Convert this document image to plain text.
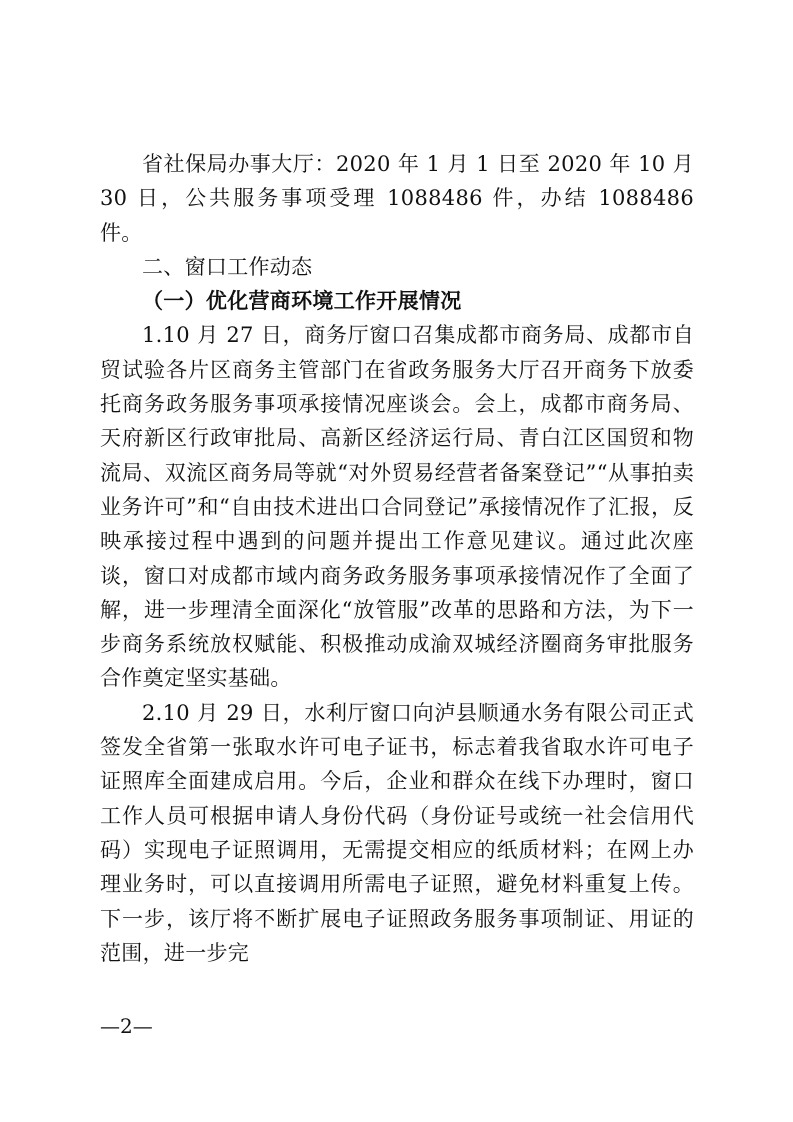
省社保局办事大厅：2020 年 1 月 1 日至 2020 年 10 月 30 日，公共服务事项受理 1088486 件，办结 1088486 件。

二、窗口工作动态

（一）优化营商环境工作开展情况

1.10 月 27 日，商务厅窗口召集成都市商务局、成都市自贸试验各片区商务主管部门在省政务服务大厅召开商务下放委托商务政务服务事项承接情况座谈会。会上，成都市商务局、天府新区行政审批局、高新区经济运行局、青白江区国贸和物流局、双流区商务局等就“对外贸易经营者备案登记”“从事拍卖业务许可”和“自由技术进出口合同登记”承接情况作了汇报，反映承接过程中遇到的问题并提出工作意见建议。通过此次座谈，窗口对成都市域内商务政务服务事项承接情况作了全面了解，进一步理清全面深化“放管服”改革的思路和方法，为下一步商务系统放权赋能、积极推动成渝双城经济圈商务审批服务合作奠定坚实基础。

2.10 月 29 日，水利厅窗口向泸县顺通水务有限公司正式签发全省第一张取水许可电子证书，标志着我省取水许可电子证照库全面建成启用。今后，企业和群众在线下办理时，窗口工作人员可根据申请人身份代码（身份证号或统一社会信用代码）实现电子证照调用，无需提交相应的纸质材料；在网上办理业务时，可以直接调用所需电子证照，避免材料重复上传。下一步，该厅将不断扩展电子证照政务服务事项制证、用证的范围，进一步完

—2—
